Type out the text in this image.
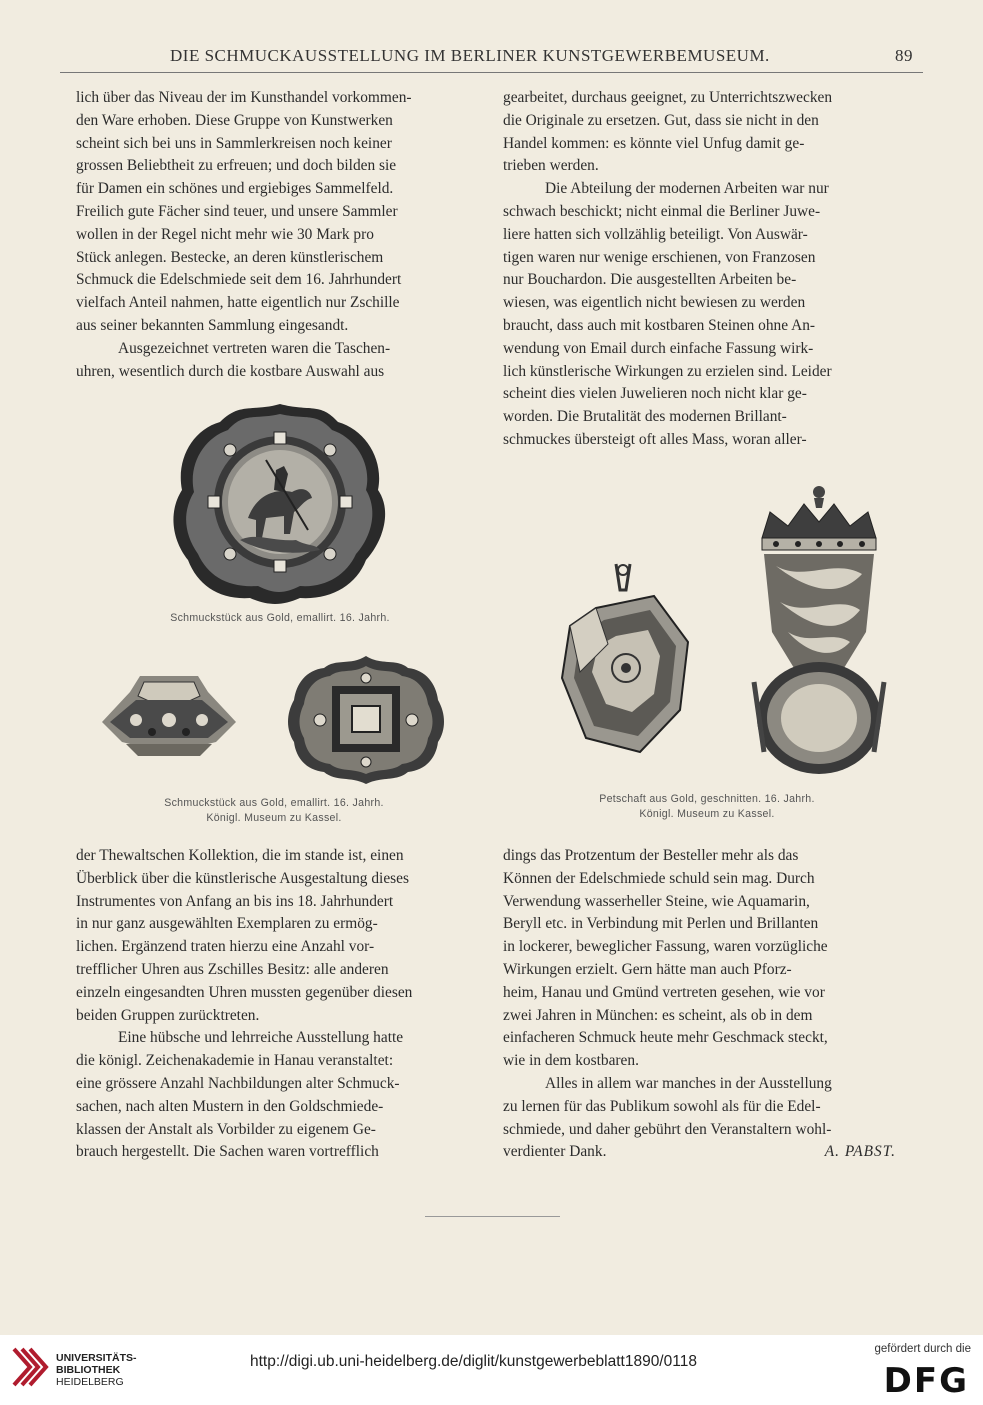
DIE SCHMUCKAUSSTELLUNG IM BERLINER KUNSTGEWERBEMUSEUM.	89

lich über das Niveau der im Kunsthandel vorkommen-

den Ware erhoben. Diese Gruppe von Kunstwerken

scheint sich bei uns in Sammlerkreisen noch keiner

grossen Beliebtheit zu erfreuen; und doch bilden sie

für Damen ein schönes und ergiebiges Sammelfeld.

Freilich gute Fächer sind teuer, und unsere Sammler

wollen in der Regel nicht mehr wie 30 Mark pro

Stück anlegen. Bestecke, an deren künstlerischem

Schmuck die Edelschmiede seit dem 16. Jahrhundert

vielfach Anteil nahmen, hatte eigentlich nur Zschille

aus seiner bekannten Sammlung eingesandt.

Ausgezeichnet vertreten waren die Taschen-

uhren, wesentlich durch die kostbare Auswahl aus

gearbeitet, durchaus geeignet, zu Unterrichtszwecken

die Originale zu ersetzen. Gut, dass sie nicht in den

Handel kommen: es könnte viel Unfug damit ge-

trieben werden.

Die Abteilung der modernen Arbeiten war nur

schwach beschickt; nicht einmal die Berliner Juwe-

liere hatten sich vollzählig beteiligt. Von Auswär-

tigen waren nur wenige erschienen, von Franzosen

nur Bouchardon. Die ausgestellten Arbeiten be-

wiesen, was eigentlich nicht bewiesen zu werden

braucht, dass auch mit kostbaren Steinen ohne An-

wendung von Email durch einfache Fassung wirk-

lich künstlerische Wirkungen zu erzielen sind. Leider

scheint dies vielen Juwelieren noch nicht klar ge-

worden. Die Brutalität des modernen Brillant-

schmuckes übersteigt oft alles Mass, woran aller-

Schmuckstück aus Gold, emallirt. 16. Jahrh.
Schmuckstück aus Gold, emallirt. 16. Jahrh.
Königl. Museum zu Kassel.
Petschaft aus Gold, geschnitten. 16. Jahrh.
Königl. Museum zu Kassel.

der Thewaltschen Kollektion, die im stande ist, einen

Überblick über die künstlerische Ausgestaltung dieses

Instrumentes von Anfang an bis ins 18. Jahrhundert

in nur ganz ausgewählten Exemplaren zu ermög-

lichen. Ergänzend traten hierzu eine Anzahl vor-

trefflicher Uhren aus Zschilles Besitz: alle anderen

einzeln eingesandten Uhren mussten gegenüber diesen

beiden Gruppen zurücktreten.

Eine hübsche und lehrreiche Ausstellung hatte

die königl. Zeichenakademie in Hanau veranstaltet:

eine grössere Anzahl Nachbildungen alter Schmuck-

sachen, nach alten Mustern in den Goldschmiede-

klassen der Anstalt als Vorbilder zu eigenem Ge-

brauch hergestellt. Die Sachen waren vortrefflich

dings das Protzentum der Besteller mehr als das

Können der Edelschmiede schuld sein mag. Durch

Verwendung wasserheller Steine, wie Aquamarin,

Beryll etc. in Verbindung mit Perlen und Brillanten

in lockerer, beweglicher Fassung, waren vorzügliche

Wirkungen erzielt. Gern hätte man auch Pforz-

heim, Hanau und Gmünd vertreten gesehen, wie vor

zwei Jahren in München: es scheint, als ob in dem

einfacheren Schmuck heute mehr Geschmack steckt,

wie in dem kostbaren.

Alles in allem war manches in der Ausstellung

zu lernen für das Publikum sowohl als für die Edel-

schmiede, und daher gebührt den Veranstaltern wohl-

verdienter Dank.	A. PABST.
UNIVERSITÄTS-
BIBLIOTHEK
HEIDELBERG
http://digi.ub.uni-heidelberg.de/diglit/kunstgewerbeblatt1890/0118
gefördert durch die
DFG
